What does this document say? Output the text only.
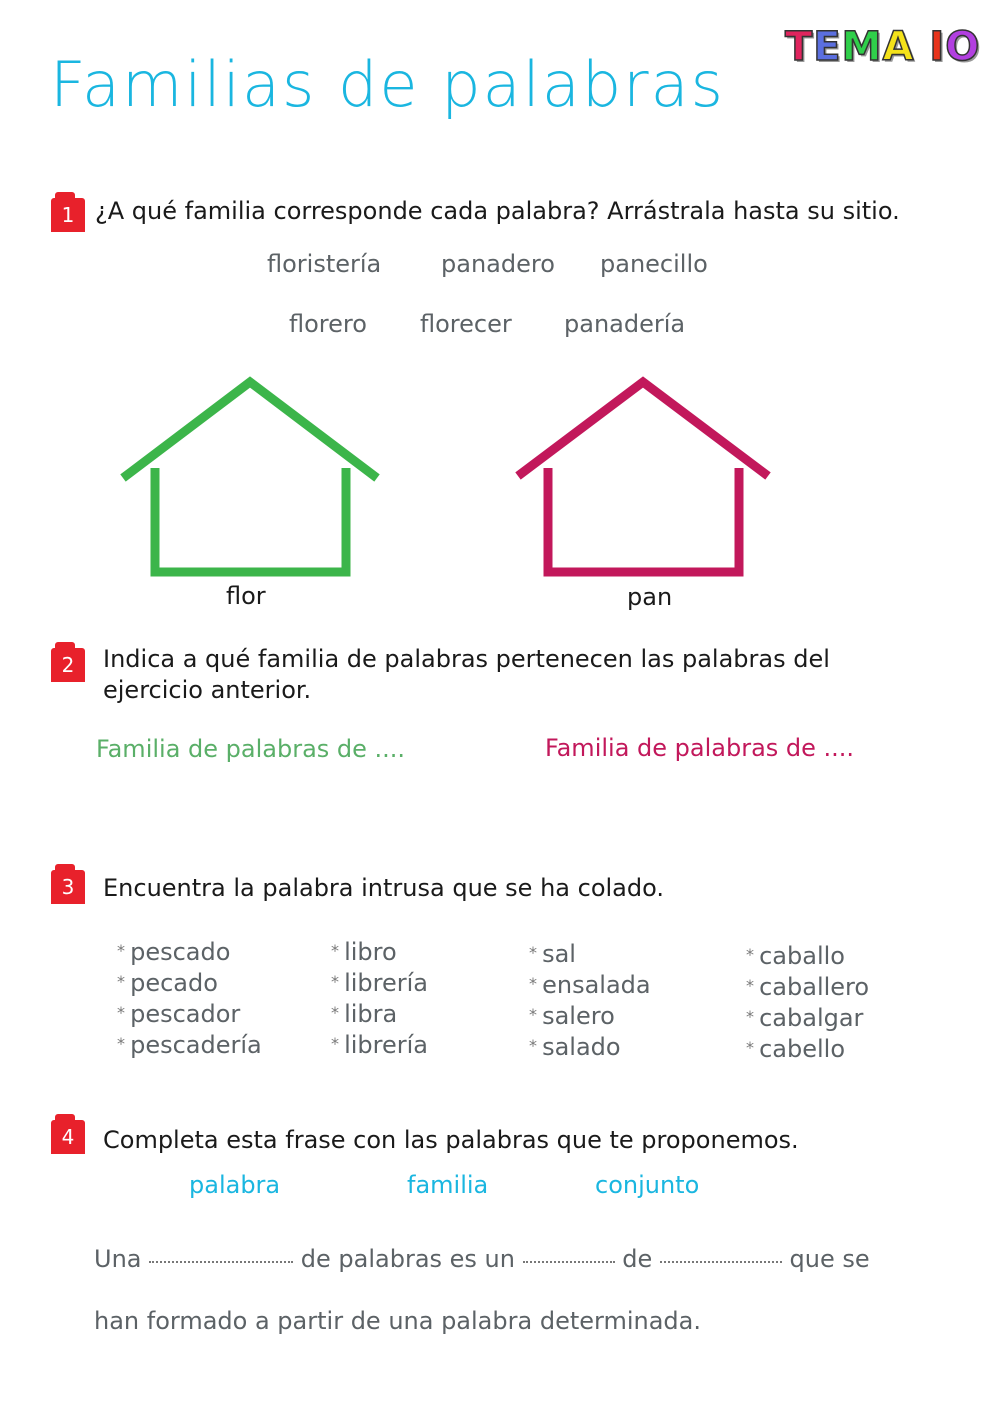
Familias de palabras
TEMA IO
1 ¿A qué familia corresponde cada palabra? Arrástrala hasta su sitio.
floristería panadero panecillo
florero florecer panadería
flor	pan
2	Indica a qué familia de palabras pertenecen las palabras del
ejercicio anterior.
Familia de palabras de ....	Familia de palabras de ....
3	Encuentra la palabra intrusa que se ha colado.
* pescado
* pecado
* pescador
* pescadería
* libro
* librería
* libra
* librería
* sal
* ensalada
* salero
* salado
* caballo
* caballero
* cabalgar
* cabello
4	Completa esta frase con las palabras que te proponemos.
palabra	familia	conjunto
Una	de palabras es un	de	que se
han formado a partir de una palabra determinada.
